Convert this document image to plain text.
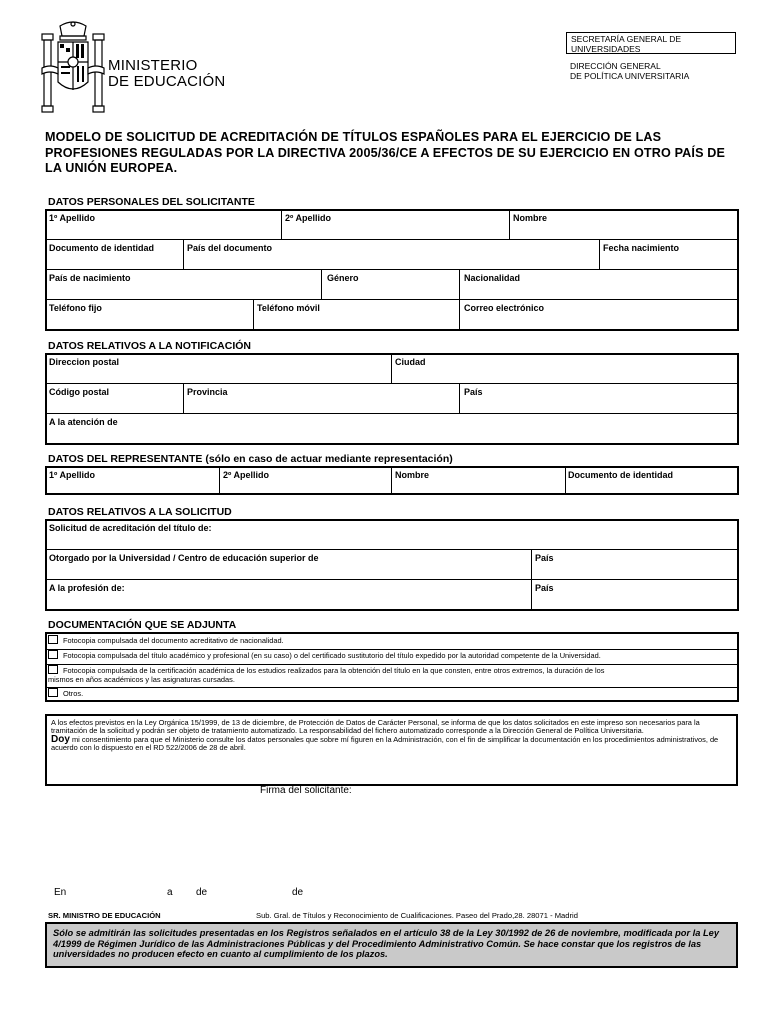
MINISTERIO
DE EDUCACIÓN
SECRETARÍA GENERAL DE
UNIVERSIDADES
DIRECCIÓN GENERAL
DE POLÍTICA UNIVERSITARIA
MODELO DE SOLICITUD DE ACREDITACIÓN DE TÍTULOS ESPAÑOLES PARA EL EJERCICIO DE LAS
PROFESIONES REGULADAS POR LA DIRECTIVA 2005/36/CE A EFECTOS DE SU EJERCICIO EN OTRO PAÍS DE
LA UNIÓN EUROPEA.
DATOS PERSONALES DEL SOLICITANTE
1º Apellido	2º Apellido	Nombre
Documento de identidad	País del documento	Fecha nacimiento
País de nacimiento	Género	Nacionalidad
Teléfono fijo	Teléfono móvil	Correo electrónico
DATOS RELATIVOS A LA NOTIFICACIÓN
Direccion postal	Ciudad
Código postal	Provincia	País
A la atención de
DATOS DEL REPRESENTANTE (sólo en caso de actuar mediante representación)
1º Apellido	2º Apellido	Nombre	Documento de identidad
DATOS RELATIVOS A LA SOLICITUD
Solicitud de acreditación del título de:
Otorgado por la Universidad / Centro de educación superior de	País
A la profesión de:	País
DOCUMENTACIÓN QUE SE ADJUNTA
Fotocopia compulsada del documento acreditativo de nacionalidad.
Fotocopia compulsada del título académico y profesional (en su caso) o del certificado sustitutorio del título expedido por la autoridad competente de la Universidad.
Fotocopia compulsada de la certificación académica de los estudios realizados para la obtención del título en la que consten, entre otros extremos, la duración de los
mismos en años académicos y las asignaturas cursadas.
Otros.
A los efectos previstos en la Ley Orgánica 15/1999, de 13 de diciembre, de Protección de Datos de Carácter Personal, se informa de que los datos solicitados en este impreso son necesarios para la tramitación de la solicitud y podrán ser objeto de tratamiento automatizado. La responsabilidad del fichero automatizado corresponde a la Dirección General de Política Universitaria.
Doy mi consentimiento para que el Ministerio consulte los datos personales que sobre mí figuren en la Administración, con el fin de simplificar la documentación en los procedimientos administrativos, de acuerdo con lo dispuesto en el RD 522/2006 de 28 de abril.
Firma del solicitante:
En	a de	de
SR. MINISTRO DE EDUCACIÓN	Sub. Gral. de Títulos y Reconocimiento de Cualificaciones. Paseo del Prado,28. 28071 - Madrid
Sólo se admitirán las solicitudes presentadas en los Registros señalados en el artículo 38 de la Ley 30/1992 de 26 de noviembre, modificada por la Ley 4/1999 de Régimen Jurídico de las Administraciones Públicas y del Procedimiento Administrativo Común. Se hace constar que los registros de las universidades no producen efecto en cuanto al cumplimiento de los plazos.
